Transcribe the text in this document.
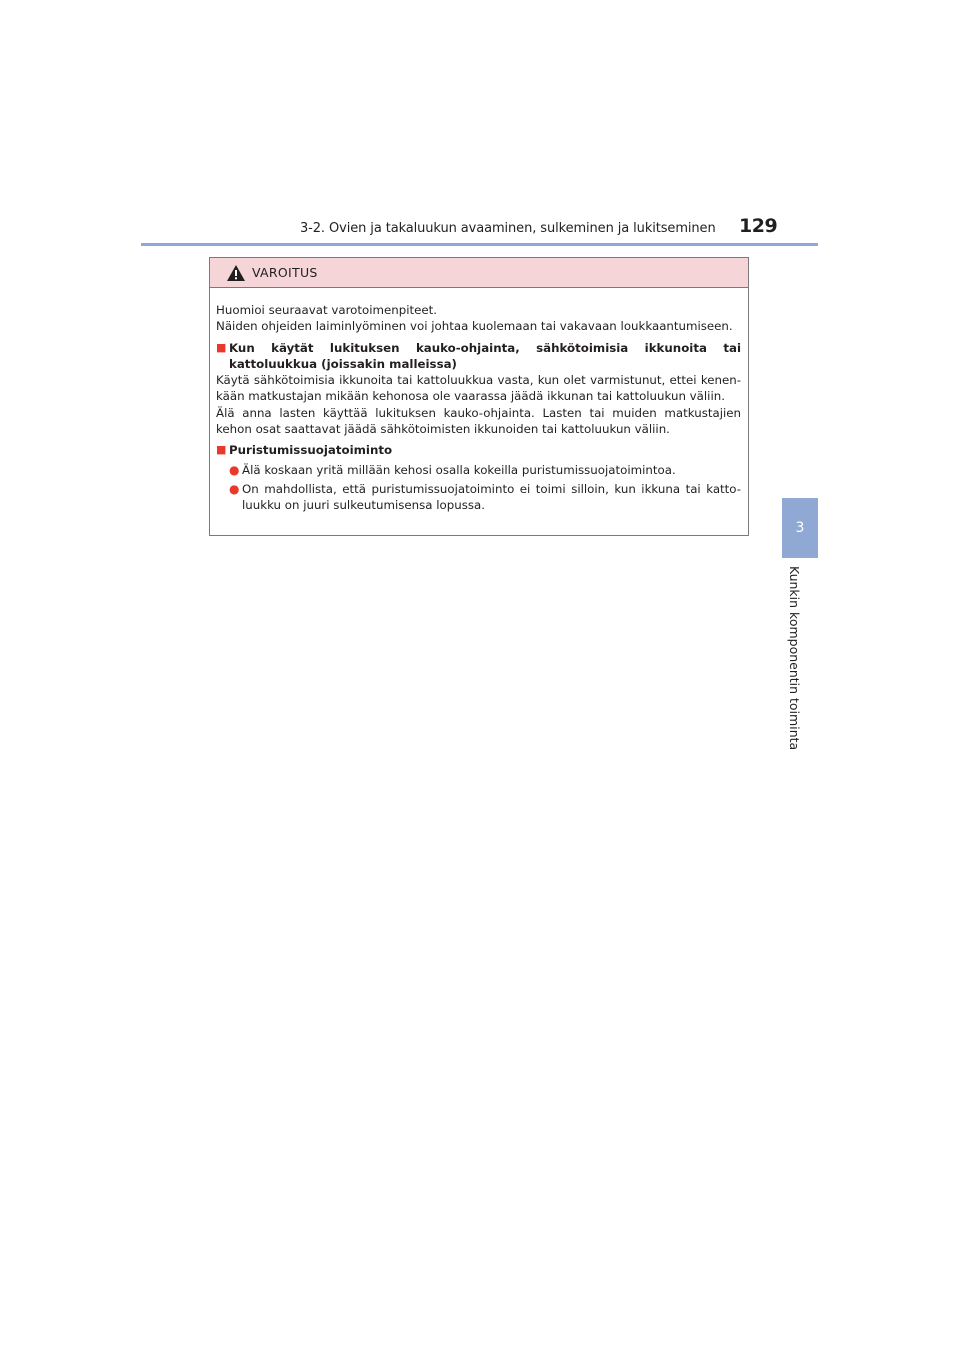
3-2. Ovien ja takaluukun avaaminen, sulkeminen ja lukitseminen 129
3
Kunkin komponentin toiminta
VAROITUS

Huomioi seuraavat varotoimenpiteet.

Näiden ohjeiden laiminlyöminen voi johtaa kuolemaan tai vakavaan loukkaantumiseen.

■ Kun käytät lukituksen kauko-ohjainta, sähkötoimisia ikkunoita tai kattoluukkua (joissakin malleissa)

Käytä sähkötoimisia ikkunoita tai kattoluukkua vasta, kun olet varmistunut, ettei kenen-kään matkustajan mikään kehonosa ole vaarassa jäädä ikkunan tai kattoluukun väliin.

Älä anna lasten käyttää lukituksen kauko-ohjainta. Lasten tai muiden matkustajien kehon osat saattavat jäädä sähkötoimisten ikkunoiden tai kattoluukun väliin.

■ Puristumissuojatoiminto
● Älä koskaan yritä millään kehosi osalla kokeilla puristumissuojatoimintoa.
● On mahdollista, että puristumissuojatoiminto ei toimi silloin, kun ikkuna tai katto-luukku on juuri sulkeutumisensa lopussa.
